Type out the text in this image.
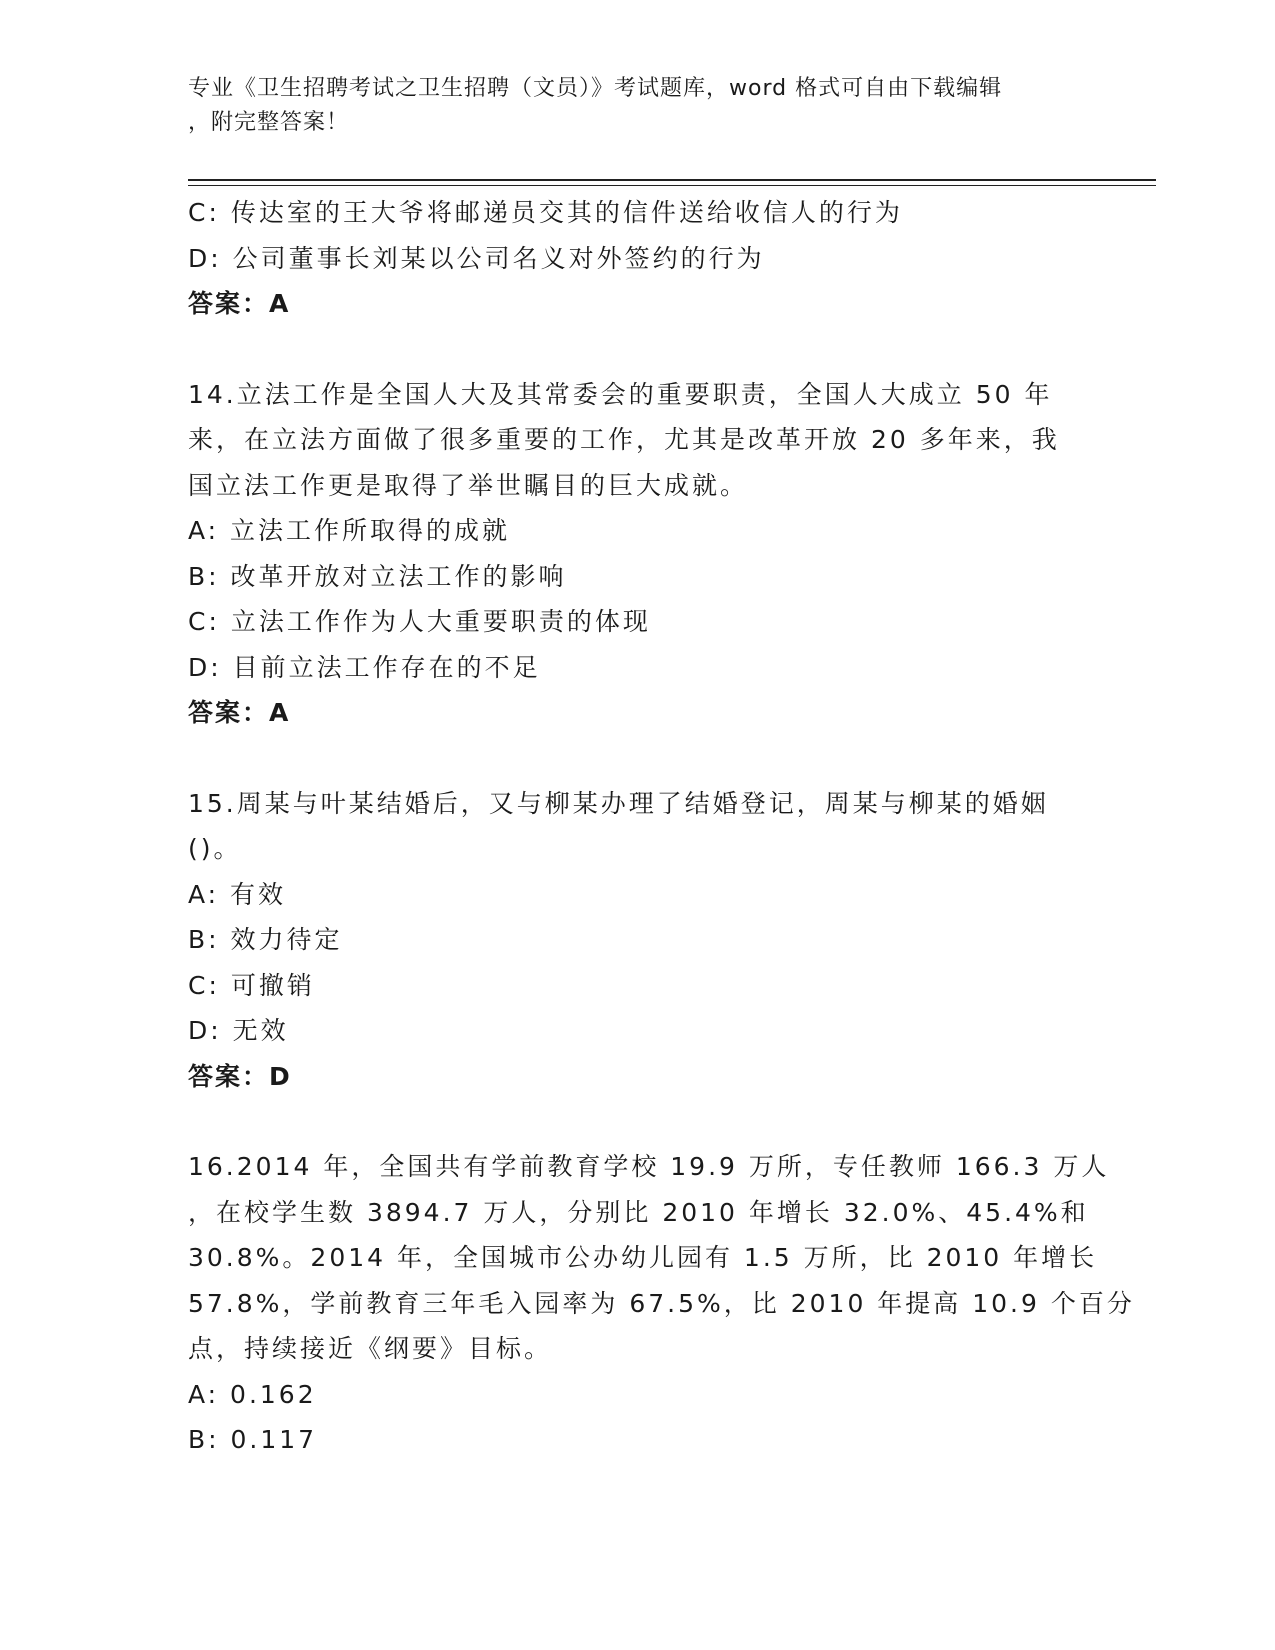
专业《卫生招聘考试之卫生招聘（文员）》考试题库，word 格式可自由下载编辑
，附完整答案！
C: 传达室的王大爷将邮递员交其的信件送给收信人的行为
D: 公司董事长刘某以公司名义对外签约的行为
答案：A
14.立法工作是全国人大及其常委会的重要职责，全国人大成立 50 年
来，在立法方面做了很多重要的工作，尤其是改革开放 20 多年来，我
国立法工作更是取得了举世瞩目的巨大成就。
A: 立法工作所取得的成就
B: 改革开放对立法工作的影响
C: 立法工作作为人大重要职责的体现
D: 目前立法工作存在的不足
答案：A
15.周某与叶某结婚后，又与柳某办理了结婚登记，周某与柳某的婚姻
()。
A: 有效
B: 效力待定
C: 可撤销
D: 无效
答案：D
16.2014 年，全国共有学前教育学校 19.9 万所，专任教师 166.3 万人
，在校学生数 3894.7 万人，分别比 2010 年增长 32.0%、45.4%和
30.8%。2014 年，全国城市公办幼儿园有 1.5 万所，比 2010 年增长
57.8%，学前教育三年毛入园率为 67.5%，比 2010 年提高 10.9 个百分
点，持续接近《纲要》目标。
A: 0.162
B: 0.117
